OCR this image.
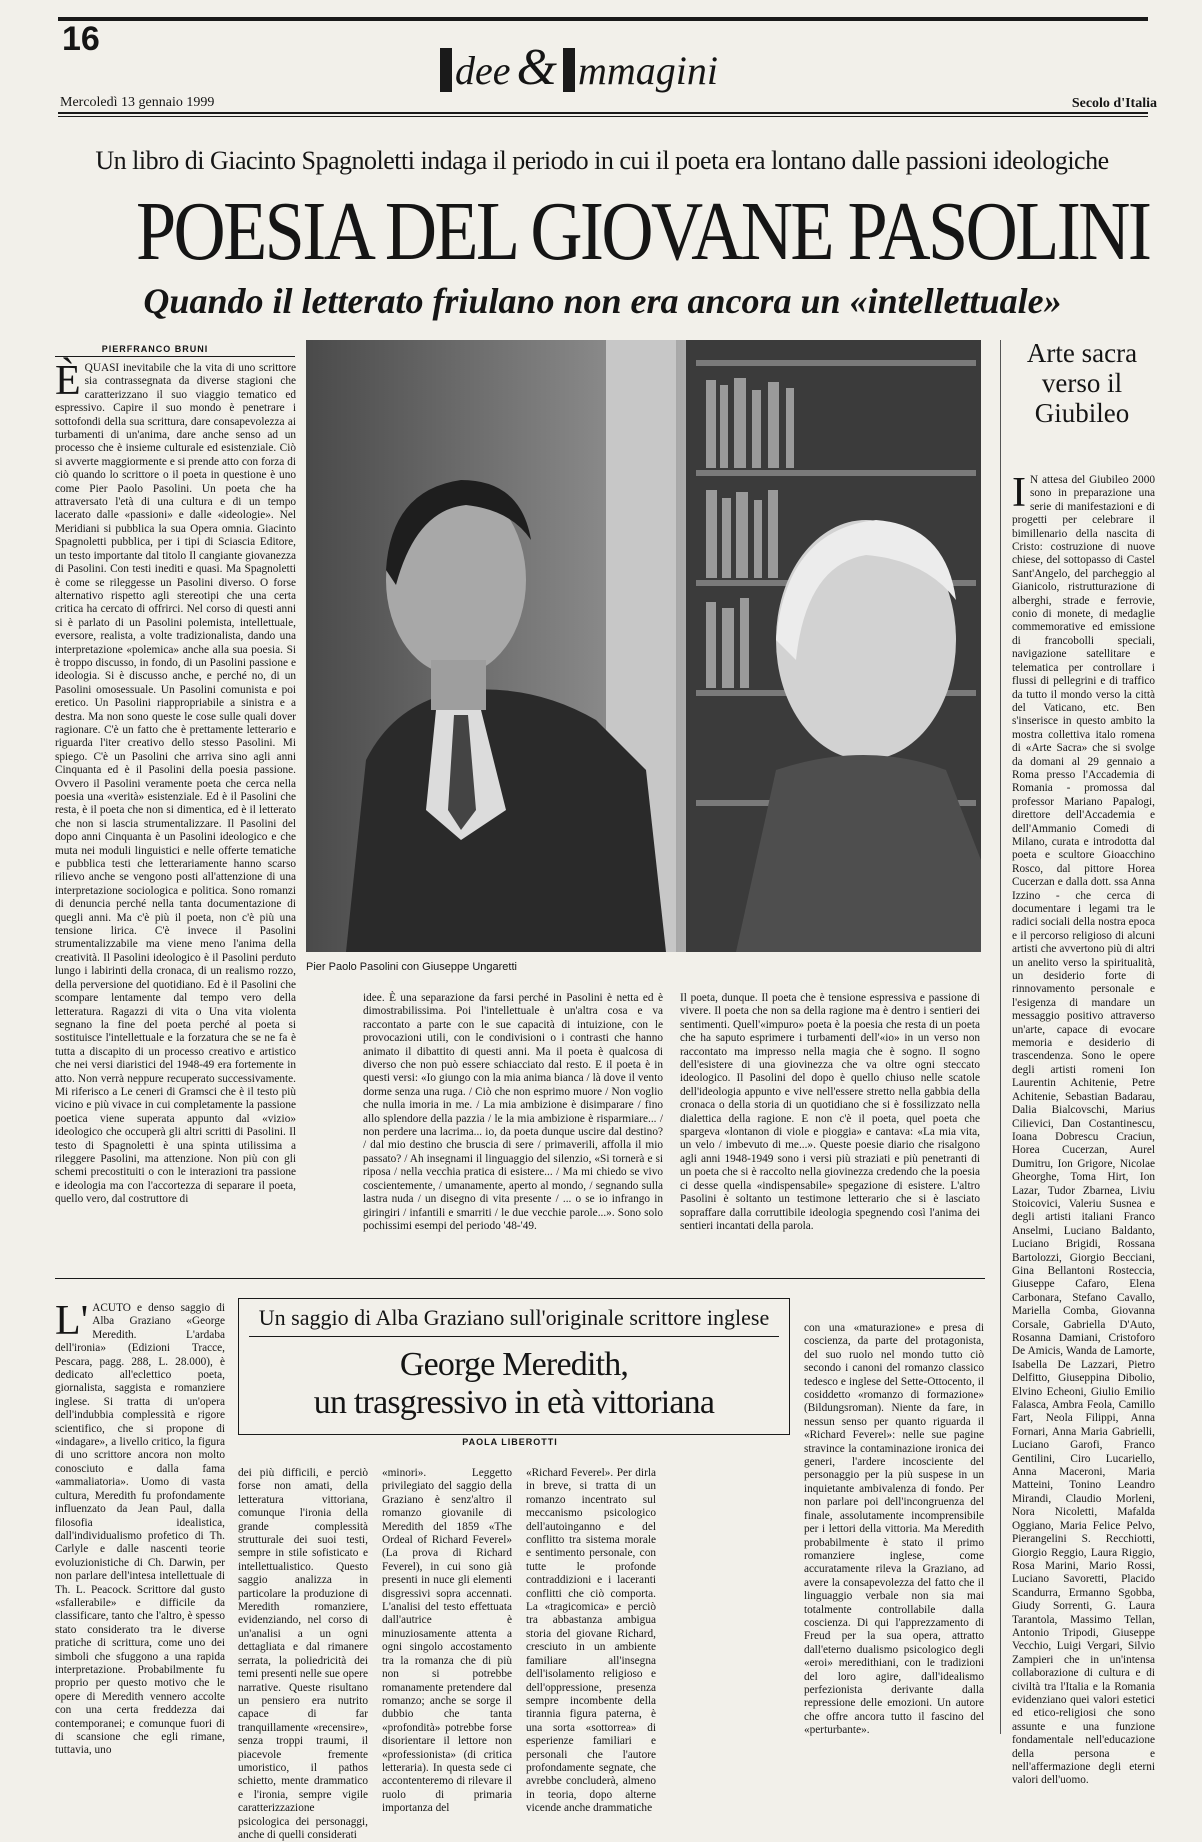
16
dee & mmagini
Mercoledì 13 gennaio 1999	Secolo d'Italia
Un libro di Giacinto Spagnoletti indaga il periodo in cui il poeta era lontano dalle passioni ideologiche
POESIA DEL GIOVANE PASOLINI
Quando il letterato friulano non era ancora un «intellettuale»
PIERFRANCO BRUNI
È QUASI inevitabile che la vita di uno scrittore sia contrassegnata da diverse stagioni che caratterizzano il suo viaggio tematico ed espressivo. Capire il suo mondo è penetrare i sottofondi della sua scrittura, dare consapevolezza ai turbamenti di un'anima, dare anche senso ad un processo che è insieme culturale ed esistenziale. Ciò si avverte maggiormente e si prende atto con forza di ciò quando lo scrittore o il poeta in questione è uno come Pier Paolo Pasolini. Un poeta che ha attraversato l'età di una cultura e di un tempo lacerato dalle «passioni» e dalle «ideologie». Nel Meridiani si pubblica la sua Opera omnia. Giacinto Spagnoletti pubblica, per i tipi di Sciascia Editore, un testo importante dal titolo Il cangiante giovanezza di Pasolini. Con testi inediti e quasi. Ma Spagnoletti è come se rileggesse un Pasolini diverso. O forse alternativo rispetto agli stereotipi che una certa critica ha cercato di offrirci. Nel corso di questi anni si è parlato di un Pasolini polemista, intellettuale, eversore, realista, a volte tradizionalista, dando una interpretazione «polemica» anche alla sua poesia. Si è troppo discusso, in fondo, di un Pasolini passione e ideologia. Si è discusso anche, e perché no, di un Pasolini omosessuale. Un Pasolini comunista e poi eretico. Un Pasolini riappropriabile a sinistra e a destra. Ma non sono queste le cose sulle quali dover ragionare. C'è un fatto che è prettamente letterario e riguarda l'iter creativo dello stesso Pasolini. Mi spiego. C'è un Pasolini che arriva sino agli anni Cinquanta ed è il Pasolini della poesia passione. Ovvero il Pasolini veramente poeta che cerca nella poesia una «verità» esistenziale. Ed è il Pasolini che resta, è il poeta che non si dimentica, ed è il letterato che non si lascia strumentalizzare. Il Pasolini del dopo anni Cinquanta è un Pasolini ideologico e che muta nei moduli linguistici e nelle offerte tematiche e pubblica testi che letterariamente hanno scarso rilievo anche se vengono posti all'attenzione di una interpretazione sociologica e politica. Sono romanzi di denuncia perché nella tanta documentazione di quegli anni. Ma c'è più il poeta, non c'è più una tensione lirica. C'è invece il Pasolini strumentalizzabile ma viene meno l'anima della creatività. Il Pasolini ideologico è il Pasolini perduto lungo i labirinti della cronaca, di un realismo rozzo, della perversione del quotidiano. Ed è il Pasolini che scompare lentamente dal tempo vero della letteratura. Ragazzi di vita o Una vita violenta segnano la fine del poeta perché al poeta si sostituisce l'intellettuale e la forzatura che se ne fa è tutta a discapito di un processo creativo e artistico che nei versi diaristici del 1948-49 era fortemente in atto. Non verrà neppure recuperato successivamente. Mi riferisco a Le ceneri di Gramsci che è il testo più vicino e più vivace in cui completamente la passione poetica viene superata appunto dal «vizio» ideologico che occuperà gli altri scritti di Pasolini. Il testo di Spagnoletti è una spinta utilissima a rileggere Pasolini, ma attenzione. Non più con gli schemi precostituiti o con le interazioni tra passione e ideologia ma con l'accortezza di separare il poeta, quello vero, dal costruttore di
Pier Paolo Pasolini con Giuseppe Ungaretti
idee. È una separazione da farsi perché in Pasolini è netta ed è dimostrabilissima. Poi l'intellettuale è un'altra cosa e va raccontato a parte con le sue capacità di intuizione, con le provocazioni utili, con le condivisioni o i contrasti che hanno animato il dibattito di questi anni. Ma il poeta è qualcosa di diverso che non può essere schiacciato dal resto. E il poeta è in questi versi: «Io giungo con la mia anima bianca / là dove il vento dorme senza una ruga. / Ciò che non esprimo muore / Non voglio che nulla imoria in me. / La mia ambizione è disimparare / fino allo splendore della pazzia / le la mia ambizione è risparmiare... / non perdere una lacrima... io, da poeta dunque uscire dal destino? / dal mio destino che bruscia di sere / primaverili, affolla il mio passato? / Ah insegnami il linguaggio del silenzio, «Si tornerà e si riposa / nella vecchia pratica di esistere... / Ma mi chiedo se vivo coscientemente, / umanamente, aperto al mondo, / segnando sulla lastra nuda / un disegno di vita presente / ... o se io infrango in giringiri / infantili e smarriti / le due vecchie parole...». Sono solo pochissimi esempi del periodo '48-'49.
Il poeta, dunque. Il poeta che è tensione espressiva e passione di vivere. Il poeta che non sa della ragione ma è dentro i sentieri dei sentimenti. Quell'«impuro» poeta è la poesia che resta di un poeta che ha saputo esprimere i turbamenti dell'«io» in un verso non raccontato ma impresso nella magia che è sogno. Il sogno dell'esistere di una giovinezza che va oltre ogni steccato ideologico. Il Pasolini del dopo è quello chiuso nelle scatole dell'ideologia appunto e vive nell'essere stretto nella gabbia della cronaca o della storia di un quotidiano che si è fossilizzato nella dialettica della ragione. E non c'è il poeta, quel poeta che spargeva «lontanon di viole e pioggia» e cantava: «La mia vita, un velo / imbevuto di me...». Queste poesie diario che risalgono agli anni 1948-1949 sono i versi più straziati e più penetranti di un poeta che si è raccolto nella giovinezza credendo che la poesia ci desse quella «indispensabile» spegazione di esistere. L'altro Pasolini è soltanto un testimone letterario che si è lasciato sopraffare dalla corruttibile ideologia spegnendo così l'anima dei sentieri incantati della parola.
Arte sacra verso il Giubileo
I N attesa del Giubileo 2000 sono in preparazione una serie di manifestazioni e di progetti per celebrare il bimillenario della nascita di Cristo: costruzione di nuove chiese, del sottopasso di Castel Sant'Angelo, del parcheggio al Gianicolo, ristrutturazione di alberghi, strade e ferrovie, conio di monete, di medaglie commemorative ed emissione di francobolli speciali, navigazione satellitare e telematica per controllare i flussi di pellegrini e di traffico da tutto il mondo verso la città del Vaticano, etc. Ben s'inserisce in questo ambito la mostra collettiva italo romena di «Arte Sacra» che si svolge da domani al 29 gennaio a Roma presso l'Accademia di Romania - promossa dal professor Mariano Papalogi, direttore dell'Accademia e dell'Ammanio Comedi di Milano, curata e introdotta dal poeta e scultore Gioacchino Rosco, dal pittore Horea Cucerzan e dalla dott. ssa Anna Izzino - che cerca di documentare i legami tra le radici sociali della nostra epoca e il percorso religioso di alcuni artisti che avvertono più di altri un anelito verso la spiritualità, un desiderio forte di rinnovamento personale e l'esigenza di mandare un messaggio positivo attraverso un'arte, capace di evocare memoria e desiderio di trascendenza. Sono le opere degli artisti romeni Ion Laurentin Achitenie, Petre Achitenie, Sebastian Badarau, Dalia Bialcovschi, Marius Cilievici, Dan Costantinescu, Ioana Dobrescu Craciun, Horea Cucerzan, Aurel Dumitru, Ion Grigore, Nicolae Gheorghe, Toma Hirt, Ion Lazar, Tudor Zbarnea, Liviu Stoicovici, Valeriu Susnea e degli artisti italiani Franco Anselmi, Luciano Baldanto, Luciano Brigidi, Rossana Bartolozzi, Giorgio Becciani, Gina Bellantoni Rosteccia, Giuseppe Cafaro, Elena Carbonara, Stefano Cavallo, Mariella Comba, Giovanna Corsale, Gabriella D'Auto, Rosanna Damiani, Cristoforo De Amicis, Wanda de Lamorte, Isabella De Lazzari, Pietro Delfitto, Giuseppina Dibolio, Elvino Echeoni, Giulio Emilio Falasca, Ambra Feola, Camillo Fart, Neola Filippi, Anna Fornari, Anna Maria Gabrielli, Luciano Garofi, Franco Gentilini, Ciro Lucariello, Anna Maceroni, Maria Matteini, Tonino Leandro Mirandi, Claudio Morleni, Nora Nicoletti, Mafalda Oggiano, Maria Felice Pelvo, Pierangelini S. Recchiotti, Giorgio Reggio, Laura Riggio, Rosa Marini, Mario Rossi, Luciano Savoretti, Placido Scandurra, Ermanno Sgobba, Giudy Sorrenti, G. Laura Tarantola, Massimo Tellan, Antonio Tripodi, Giuseppe Vecchio, Luigi Vergari, Silvio Zampieri che in un'intensa collaborazione di cultura e di civiltà tra l'Italia e la Romania evidenziano quei valori estetici ed etico-religiosi che sono assunte e una funzione fondamentale nell'educazione della persona e nell'affermazione degli eterni valori dell'uomo.
L' ACUTO e denso saggio di Alba Graziano «George Meredith. L'ardaba dell'ironia» (Edizioni Tracce, Pescara, pagg. 288, L. 28.000), è dedicato all'eclettico poeta, giornalista, saggista e romanziere inglese. Si tratta di un'opera dell'indubbia complessità e rigore scientifico, che si propone di «indagare», a livello critico, la figura di uno scrittore ancora non molto conosciuto e dalla fama «ammaliatoria». Uomo di vasta cultura, Meredith fu profondamente influenzato da Jean Paul, dalla filosofia idealistica, dall'individualismo profetico di Th. Carlyle e dalle nascenti teorie evoluzionistiche di Ch. Darwin, per non parlare dell'intesa intellettuale di Th. L. Peacock. Scrittore dal gusto «sfallerabile» e difficile da classificare, tanto che l'altro, è spesso stato considerato tra le diverse pratiche di scrittura, come uno dei simboli che sfuggono a una rapida interpretazione. Probabilmente fu proprio per questo motivo che le opere di Meredith vennero accolte con una certa freddezza dai contemporanei; e comunque fuori di di scansione che egli rimane, tuttavia, uno
Un saggio di Alba Graziano sull'originale scrittore inglese
George Meredith,
un trasgressivo in età vittoriana
PAOLA LIBEROTTI
dei più difficili, e perciò forse non amati, della letteratura vittoriana, comunque l'ironia della grande complessità strutturale dei suoi testi, sempre in stile sofisticato e intellettualistico. Questo saggio analizza in particolare la produzione di Meredith romanziere, evidenziando, nel corso di un'analisi a un ogni dettagliata e dal rimanere serrata, la poliedricità dei temi presenti nelle sue opere narrative. Queste risultano un pensiero era nutrito capace di far tranquillamente «recensire», senza troppi traumi, il piacevole fremente umoristico, il pathos schietto, mente drammatico e l'ironia, sempre vigile caratterizzazione psicologica dei personaggi, anche di quelli considerati
«minori». Leggetto privilegiato del saggio della Graziano è senz'altro il romanzo giovanile di Meredith del 1859 «The Ordeal of Richard Feverel» (La prova di Richard Feverel), in cui sono già presenti in nuce gli elementi disgressivi sopra accennati. L'analisi del testo effettuata dall'autrice è minuziosamente attenta a ogni singolo accostamento tra la romanza che di più non si potrebbe romanamente pretendere dal romanzo; anche se sorge il dubbio che tanta «profondità» potrebbe forse disorientare il lettore non «professionista» (di critica letteraria). In questa sede ci accontenteremo di rilevare il ruolo di primaria importanza del
«Richard Feverel». Per dirla in breve, si tratta di un romanzo incentrato sul meccanismo psicologico dell'autoinganno e del conflitto tra sistema morale e sentimento personale, con tutte le profonde contraddizioni e i laceranti conflitti che ciò comporta. La «tragicomica» e perciò tra abbastanza ambigua storia del giovane Richard, cresciuto in un ambiente familiare all'insegna dell'isolamento religioso e dell'oppressione, presenza sempre incombente della tirannia figura paterna, è una sorta «sottorrea» di esperienze familiari e personali che l'autore profondamente segnate, che avrebbe concluderà, almeno in teoria, dopo alterne vicende anche drammatiche
con una «maturazione» e presa di coscienza, da parte del protagonista, del suo ruolo nel mondo tutto ciò secondo i canoni del romanzo classico tedesco e inglese del Sette-Ottocento, il cosiddetto «romanzo di formazione» (Bildungsroman). Niente da fare, in nessun senso per quanto riguarda il «Richard Feverel»: nelle sue pagine stravince la contaminazione ironica dei generi, l'ardere incosciente del personaggio per la più suspese in un inquietante ambivalenza di fondo. Per non parlare poi dell'incongruenza del finale, assolutamente incomprensibile per i lettori della vittoria. Ma Meredith probabilmente è stato il primo romanziere inglese, come accuratamente rileva la Graziano, ad avere la consapevolezza del fatto che il linguaggio verbale non sia mai totalmente controllabile dalla coscienza. Di qui l'apprezzamento di Freud per la sua opera, attratto dall'eterno dualismo psicologico degli «eroi» meredithiani, con le tradizioni del loro agire, dall'idealismo perfezionista derivante dalla repressione delle emozioni. Un autore che offre ancora tutto il fascino del «perturbante».
